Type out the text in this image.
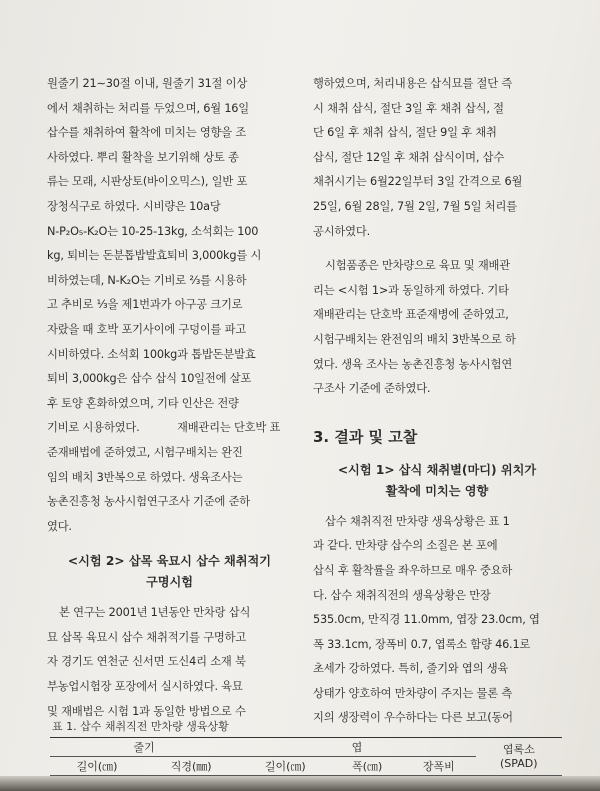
원줄기 21∼30절 이내, 원줄기 31절 이상

에서 채취하는 처리를 두었으며, 6월 16일

삽수를 채취하여 활착에 미치는 영향을 조

사하였다. 뿌리 활착을 보기위해 상토 종

류는 모래, 시판상토(바이오믹스), 일반 포

장청식구로 하였다. 시비량은 10a당

N-P₂O₅-K₂O는 10-25-13kg, 소석회는 100

kg, 퇴비는 돈분톱밥발효퇴비 3,000kg를 시

비하였는데, N-K₂O는 기비로 ⅔를 시용하

고 추비로 ⅓을 제1번과가 아구공 크기로

자랐을 때 호박 포기사이에 구덩이를 파고

시비하였다. 소석회 100kg과 톱밥돈분발효

퇴비 3,000kg은 삽수 삽식 10일전에 살포

후 토양 혼화하였으며, 기타 인산은 전량

기비로 시용하였다.	재배관리는 단호박 표

준재배법에 준하였고, 시험구배치는 완진

임의 배치 3반복으로 하였다. 생육조사는

농촌진흥청 농사시험연구조사 기준에 준하

였다.

<시험 2> 삽목 육묘시 삽수 채취적기
구명시험

본 연구는 2001년 1년동안 만차랑 삽식

묘 삽목 육묘시 삽수 채취적기를 구명하고

자 경기도 연천군 신서면 도신4리 소재 북

부농업시험장 포장에서 실시하였다. 육묘

및 재배법은 시험 1과 동일한 방법으로 수

행하였으며, 처리내용은 삽식묘를 절단 즉

시 채취 삽식, 절단 3일 후 채취 삽식, 절

단 6일 후 채취 삽식, 절단 9일 후 채취

삽식, 절단 12일 후 채취 삽식이며, 삽수

채취시기는 6월22일부터 3일 간격으로 6월

25일, 6월 28일, 7월 2일, 7월 5일 처리를

공시하였다.

시험품종은 만차량으로 육묘 및 재배관

리는 <시험 1>과 동일하게 하였다. 기타

재배관리는 단호박 표준재병에 준하였고,

시험구배치는 완전임의 배치 3반복으로 하

였다. 생육 조사는 농촌진흥청 농사시험연

구조사 기준에 준하였다.

3. 결과 및 고찰
<시험 1> 삽식 채취별(마디) 위치가
활착에 미치는 영향

삽수 채취직전 만차량 생육상황은 표 1

과 같다. 만차량 삽수의 소질은 본 포에

삽식 후 활착률을 좌우하므로 매우 중요하

다. 삽수 채취직전의 생육상황은 만장

535.0cm, 만직경 11.0mm, 엽장 23.0cm, 엽

폭 33.1cm, 장폭비 0.7, 엽록소 함량 46.1로

초세가 강하였다. 특히, 줄기와 엽의 생육

상태가 양호하여 만차량이 주지는 물론 측

지의 생장력이 우수하다는 다른 보고(동어

표 1. 삽수 채취직전 만차량 생육상황
줄기		엽			엽록소
(SPAD)

길이(㎝)	직경(㎜)	길이(㎝)	폭(㎝)	장폭비	
